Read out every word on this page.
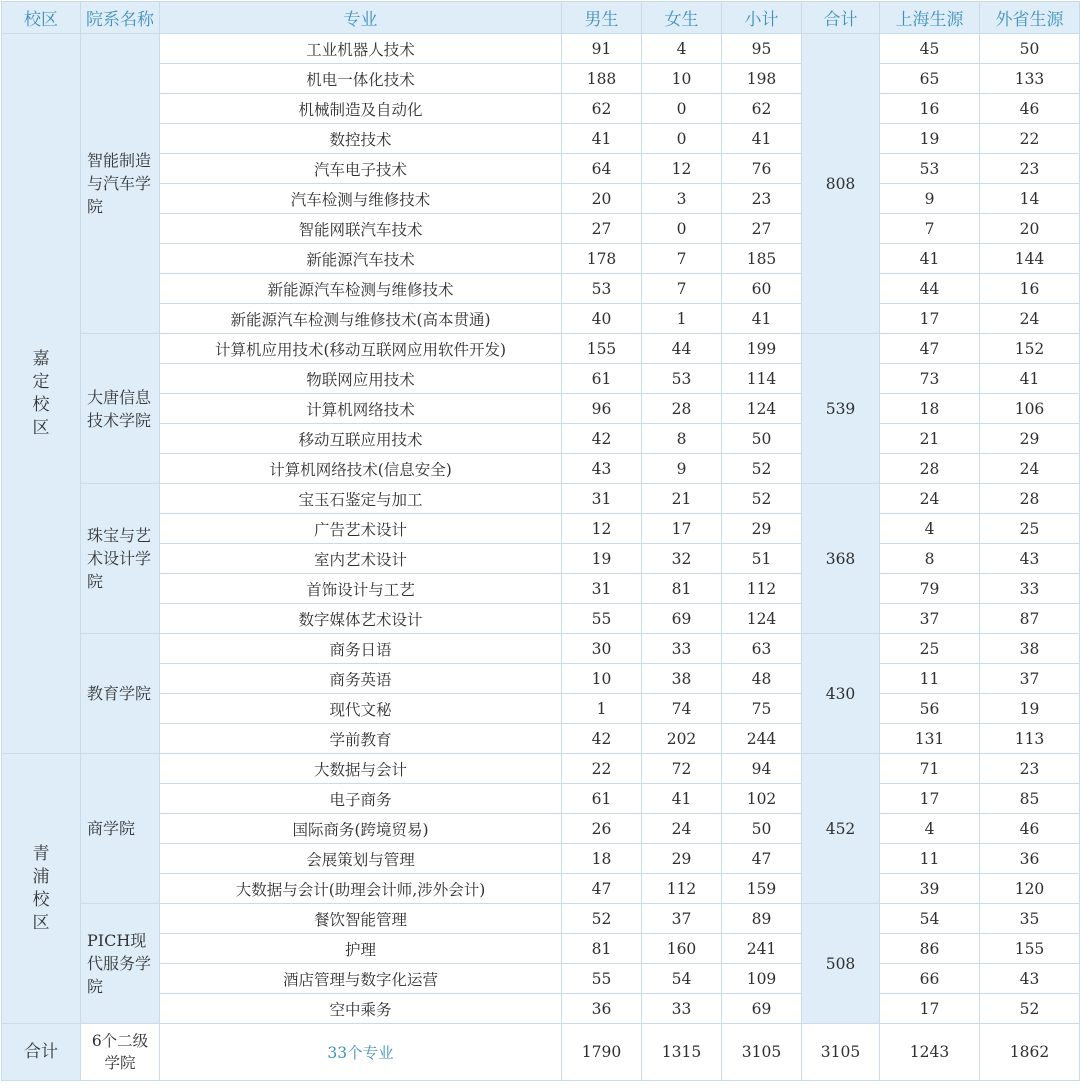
校区	院系名称	专业	男生	女生	小计	合计	上海生源	外省生源
嘉定校区	智能制造与汽车学院	工业机器人技术	91	4	95	808	45	50
		机电一体化技术	188	10	198		65	133
		机械制造及自动化	62	0	62		16	46
		数控技术	41	0	41		19	22
		汽车电子技术	64	12	76		53	23
		汽车检测与维修技术	20	3	23		9	14
		智能网联汽车技术	27	0	27		7	20
		新能源汽车技术	178	7	185		41	144
		新能源汽车检测与维修技术	53	7	60		44	16
		新能源汽车检测与维修技术(高本贯通)	40	1	41		17	24
	大唐信息技术学院	计算机应用技术(移动互联网应用软件开发)	155	44	199	539	47	152
		物联网应用技术	61	53	114		73	41
		计算机网络技术	96	28	124		18	106
		移动互联应用技术	42	8	50		21	29
		计算机网络技术(信息安全)	43	9	52		28	24
	珠宝与艺术设计学院	宝玉石鉴定与加工	31	21	52	368	24	28
		广告艺术设计	12	17	29		4	25
		室内艺术设计	19	32	51		8	43
		首饰设计与工艺	31	81	112		79	33
		数字媒体艺术设计	55	69	124		37	87
	教育学院	商务日语	30	33	63	430	25	38
		商务英语	10	38	48		11	37
		现代文秘	1	74	75		56	19
		学前教育	42	202	244		131	113
青浦校区	商学院	大数据与会计	22	72	94	452	71	23
		电子商务	61	41	102		17	85
		国际商务(跨境贸易)	26	24	50		4	46
		会展策划与管理	18	29	47		11	36
		大数据与会计(助理会计师,涉外会计)	47	112	159		39	120
	PICH现代服务学院	餐饮智能管理	52	37	89	508	54	35
		护理	81	160	241		86	155
		酒店管理与数字化运营	55	54	109		66	43
		空中乘务	36	33	69		17	52
合计	6个二级学院	33个专业	1790	1315	3105	3105	1243	1862
